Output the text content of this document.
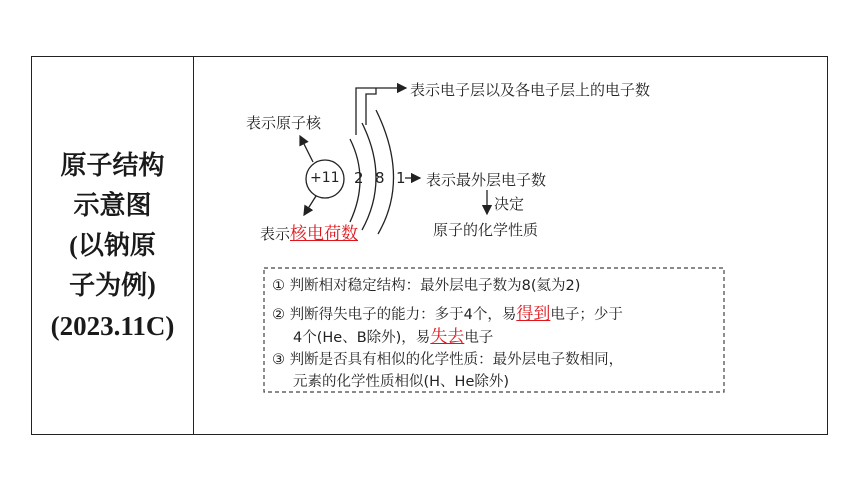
原子结构
示意图
(以钠原
子为例)
(2023.11C)
+11 2 8 1
表示电子层以及各电子层上的电子数
表示原子核
表示最外层电子数
决定
原子的化学性质
表示核电荷数
① 判断相对稳定结构：最外层电子数为8(氦为2)
② 判断得失电子的能力：多于4个，易得到电子；少于
4个(He、B除外)，易失去电子
③ 判断是否具有相似的化学性质：最外层电子数相同，
元素的化学性质相似(H、He除外)
